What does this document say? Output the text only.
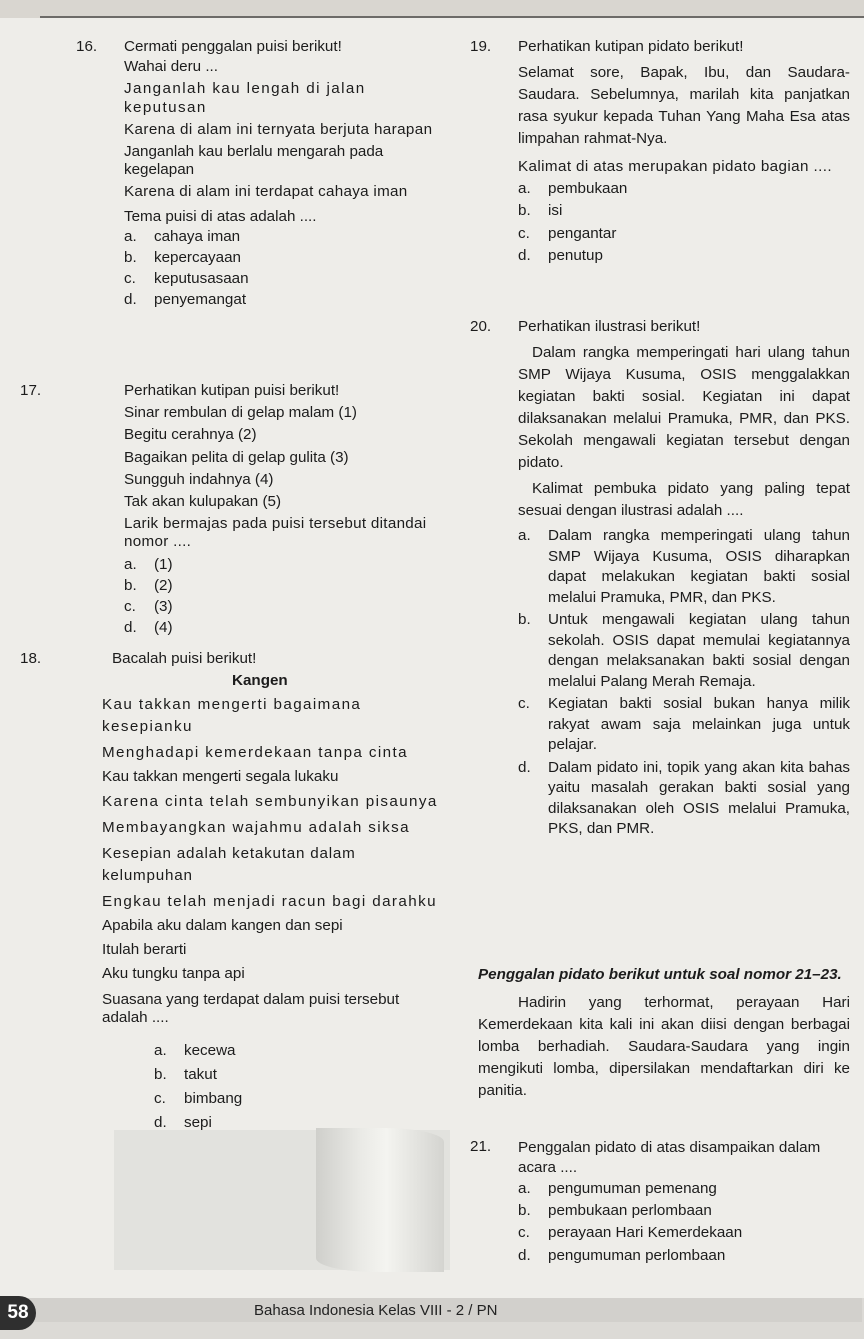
16. Cermati penggalan puisi berikut!
Wahai deru ...
Janganlah kau lengah di jalan keputusan
Karena di alam ini ternyata berjuta harapan
Janganlah kau berlalu mengarah pada kegelapan
Karena di alam ini terdapat cahaya iman
Tema puisi di atas adalah ....
a. cahaya iman
b. kepercayaan
c. keputusasaan
d. penyemangat
17.	Perhatikan kutipan puisi berikut!
Sinar rembulan di gelap malam (1)
Begitu cerahnya (2)
Bagaikan pelita di gelap gulita (3)
Sungguh indahnya (4)
Tak akan kulupakan (5)
Larik bermajas pada puisi tersebut ditandai nomor ....
a. (1)
b. (2)
c. (3)
d. (4)
18.	Bacalah puisi berikut!
Kangen
Kau takkan mengerti bagaimana kesepianku
Menghadapi kemerdekaan tanpa cinta
Kau takkan mengerti segala lukaku
Karena cinta telah sembunyikan pisaunya
Membayangkan wajahmu adalah siksa
Kesepian adalah ketakutan dalam kelumpuhan
Engkau telah menjadi racun bagi darahku
Apabila aku dalam kangen dan sepi
Itulah berarti
Aku tungku tanpa api
Suasana yang terdapat dalam puisi tersebut adalah ....
a. kecewa
b. takut
c. bimbang
d. sepi
19. Perhatikan kutipan pidato berikut!
Selamat sore, Bapak, Ibu, dan Saudara-Saudara. Sebelumnya, marilah kita panjatkan rasa syukur kepada Tuhan Yang Maha Esa atas limpahan rahmat-Nya.
Kalimat di atas merupakan pidato bagian ....
a. pembukaan
b. isi
c. pengantar
d. penutup
20. Perhatikan ilustrasi berikut!
Dalam rangka memperingati hari ulang tahun SMP Wijaya Kusuma, OSIS menggalakkan kegiatan bakti sosial. Kegiatan ini dapat dilaksanakan melalui Pramuka, PMR, dan PKS. Sekolah mengawali kegiatan tersebut dengan pidato.
Kalimat pembuka pidato yang paling tepat sesuai dengan ilustrasi adalah ....
a. Dalam rangka memperingati ulang tahun SMP Wijaya Kusuma, OSIS diharapkan dapat melakukan kegiatan bakti sosial melalui Pramuka, PMR, dan PKS.
b. Untuk mengawali kegiatan ulang tahun sekolah. OSIS dapat memulai kegiatannya dengan melaksanakan bakti sosial dengan melalui Palang Merah Remaja.
c. Kegiatan bakti sosial bukan hanya milik rakyat awam saja melainkan juga untuk pelajar.
d. Dalam pidato ini, topik yang akan kita bahas yaitu masalah gerakan bakti sosial yang dilaksanakan oleh OSIS melalui Pramuka, PKS, dan PMR.
Penggalan pidato berikut untuk soal nomor 21–23.
Hadirin yang terhormat, perayaan Hari Kemerdekaan kita kali ini akan diisi dengan berbagai lomba berhadiah. Saudara-Saudara yang ingin mengikuti lomba, dipersilakan mendaftarkan diri ke panitia.
21. Penggalan pidato di atas disampaikan dalam acara ....
a. pengumuman pemenang
b. pembukaan perlombaan
c. perayaan Hari Kemerdekaan
d. pengumuman perlombaan
58	Bahasa Indonesia Kelas VIII - 2 / PN
